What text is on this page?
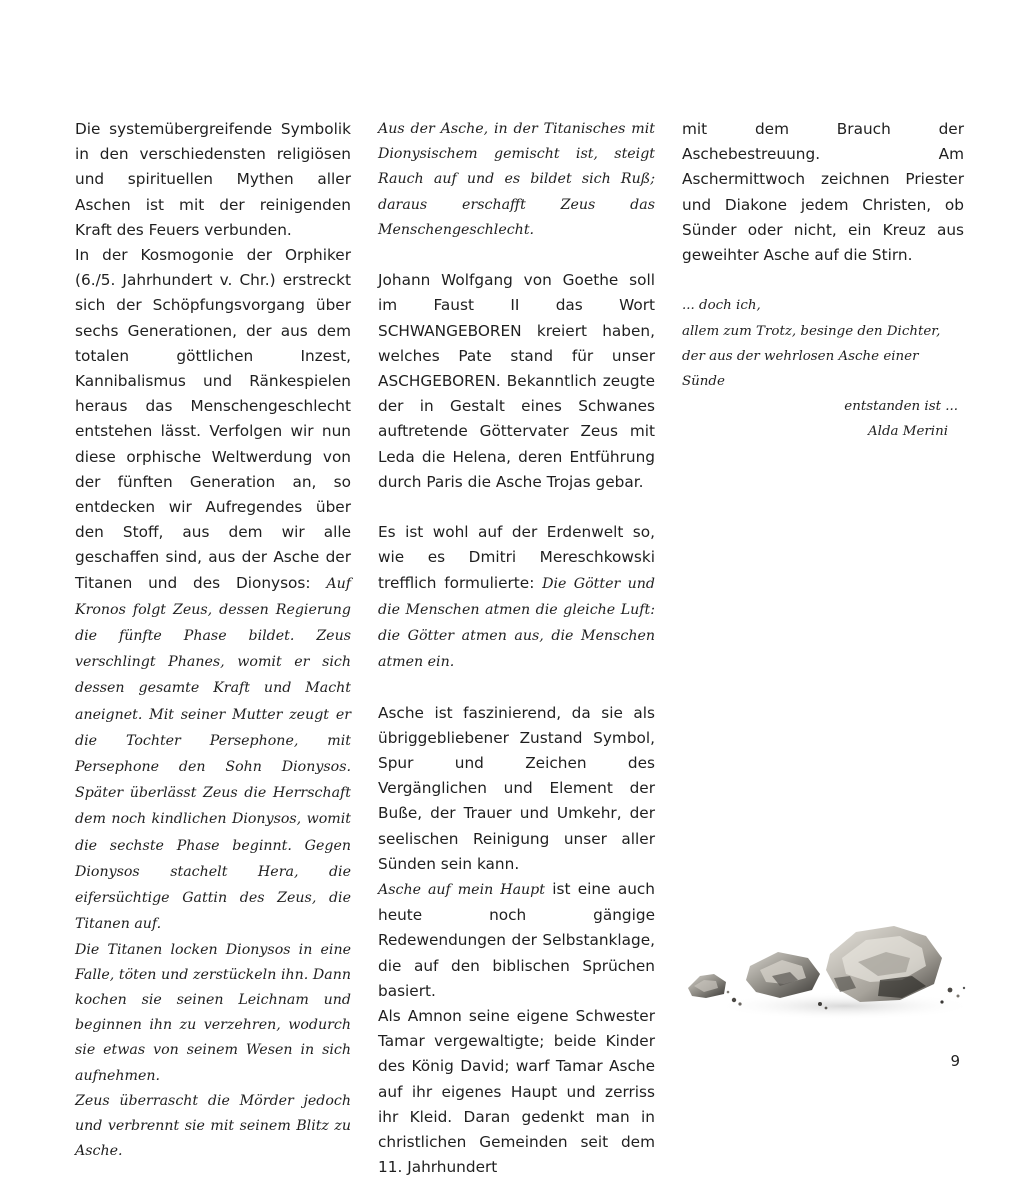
Die systemübergreifende Symbolik in den verschiedensten religiösen und spirituellen Mythen aller Aschen ist mit der reinigenden Kraft des Feuers verbunden.

In der Kosmogonie der Orphiker (6./5. Jahrhundert v. Chr.) erstreckt sich der Schöpfungsvorgang über sechs Generationen, der aus dem totalen göttlichen Inzest, Kannibalismus und Ränkespielen heraus das Menschengeschlecht entstehen lässt. Verfolgen wir nun diese orphische Weltwerdung von der fünften Generation an, so entdecken wir Aufregendes über den Stoff, aus dem wir alle geschaffen sind, aus der Asche der Titanen und des Dionysos: Auf Kronos folgt Zeus, dessen Regierung die fünfte Phase bildet. Zeus verschlingt Phanes, womit er sich dessen gesamte Kraft und Macht aneignet. Mit seiner Mutter zeugt er die Tochter Persephone, mit Persephone den Sohn Dionysos. Später überlässt Zeus die Herrschaft dem noch kindlichen Dionysos, womit die sechste Phase beginnt. Gegen Dionysos stachelt Hera, die eifersüchtige Gattin des Zeus, die Titanen auf.

Die Titanen locken Dionysos in eine Falle, töten und zerstückeln ihn. Dann kochen sie seinen Leichnam und beginnen ihn zu verzehren, wodurch sie etwas von seinem Wesen in sich aufnehmen.

Zeus überrascht die Mörder jedoch und verbrennt sie mit seinem Blitz zu Asche.

Aus der Asche, in der Titanisches mit Dionysischem gemischt ist, steigt Rauch auf und es bildet sich Ruß; daraus erschafft Zeus das Menschengeschlecht.

Johann Wolfgang von Goethe soll im Faust II das Wort SCHWANGEBOREN kreiert haben, welches Pate stand für unser ASCHGEBOREN. Bekanntlich zeugte der in Gestalt eines Schwanes auftretende Göttervater Zeus mit Leda die Helena, deren Entführung durch Paris die Asche Trojas gebar.

Es ist wohl auf der Erdenwelt so, wie es Dmitri Mereschkowski trefflich formulierte: Die Götter und die Menschen atmen die gleiche Luft: die Götter atmen aus, die Menschen atmen ein.

Asche ist faszinierend, da sie als übriggebliebener Zustand Symbol, Spur und Zeichen des Vergänglichen und Element der Buße, der Trauer und Umkehr, der seelischen Reinigung unser aller Sünden sein kann.

Asche auf mein Haupt ist eine auch heute noch gängige Redewendungen der Selbstanklage, die auf den biblischen Sprüchen basiert.

Als Amnon seine eigene Schwester Tamar vergewaltigte; beide Kinder des König David; warf Tamar Asche auf ihr eigenes Haupt und zerriss ihr Kleid. Daran gedenkt man in christlichen Gemeinden seit dem 11. Jahrhundert

mit dem Brauch der Aschebestreuung. Am Aschermittwoch zeichnen Priester und Diakone jedem Christen, ob Sünder oder nicht, ein Kreuz aus geweihter Asche auf die Stirn.

... doch ich,
allem zum Trotz, besinge den Dichter,
der aus der wehrlosen Asche einer Sünde
entstanden ist ...
Alda Merini
9
